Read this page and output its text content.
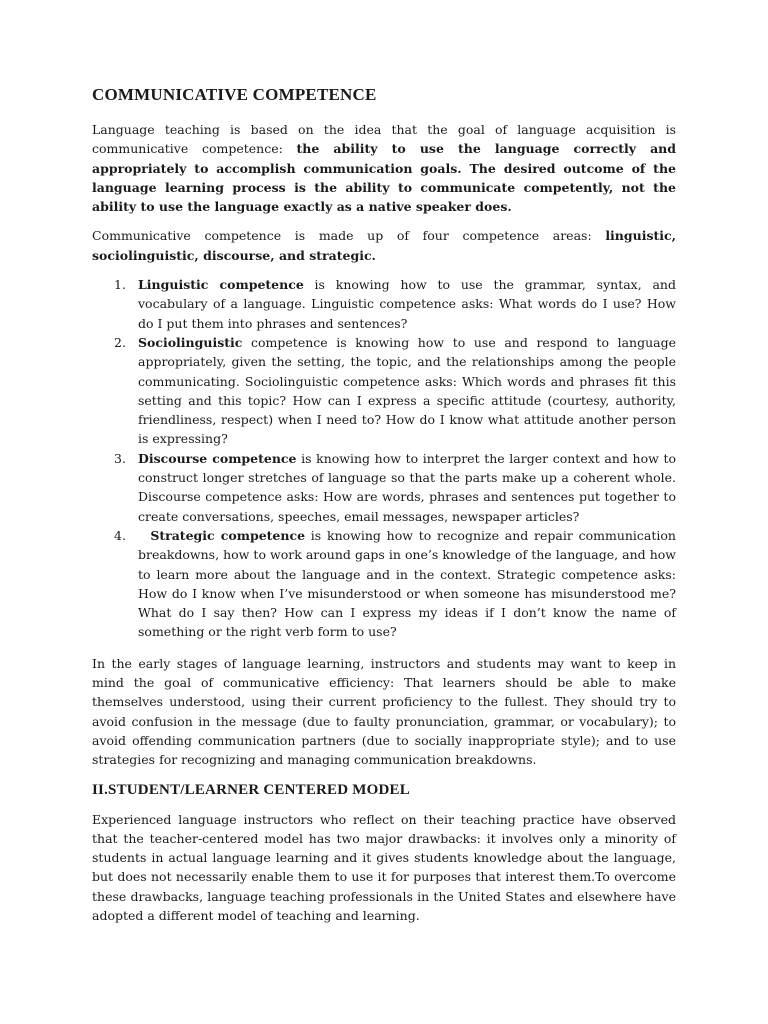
COMMUNICATIVE COMPETENCE

Language teaching is based on the idea that the goal of language acquisition is communicative competence: the ability to use the language correctly and appropriately to accomplish communication goals. The desired outcome of the language learning process is the ability to communicate competently, not the ability to use the language exactly as a native speaker does.

Communicative competence is made up of four competence areas: linguistic, sociolinguistic, discourse, and strategic.

1. Linguistic competence is knowing how to use the grammar, syntax, and vocabulary of a language. Linguistic competence asks: What words do I use? How do I put them into phrases and sentences?
2. Sociolinguistic competence is knowing how to use and respond to language appropriately, given the setting, the topic, and the relationships among the people communicating. Sociolinguistic competence asks: Which words and phrases fit this setting and this topic? How can I express a specific attitude (courtesy, authority, friendliness, respect) when I need to? How do I know what attitude another person is expressing?
3. Discourse competence is knowing how to interpret the larger context and how to construct longer stretches of language so that the parts make up a coherent whole. Discourse competence asks: How are words, phrases and sentences put together to create conversations, speeches, email messages, newspaper articles?
4. Strategic competence is knowing how to recognize and repair communication breakdowns, how to work around gaps in one’s knowledge of the language, and how to learn more about the language and in the context. Strategic competence asks: How do I know when I’ve misunderstood or when someone has misunderstood me? What do I say then? How can I express my ideas if I don’t know the name of something or the right verb form to use?

In the early stages of language learning, instructors and students may want to keep in mind the goal of communicative efficiency: That learners should be able to make themselves understood, using their current proficiency to the fullest. They should try to avoid confusion in the message (due to faulty pronunciation, grammar, or vocabulary); to avoid offending communication partners (due to socially inappropriate style); and to use strategies for recognizing and managing communication breakdowns.

II.STUDENT/LEARNER CENTERED MODEL

Experienced language instructors who reflect on their teaching practice have observed that the teacher-centered model has two major drawbacks: it involves only a minority of students in actual language learning and it gives students knowledge about the language, but does not necessarily enable them to use it for purposes that interest them.To overcome these drawbacks, language teaching professionals in the United States and elsewhere have adopted a different model of teaching and learning.
